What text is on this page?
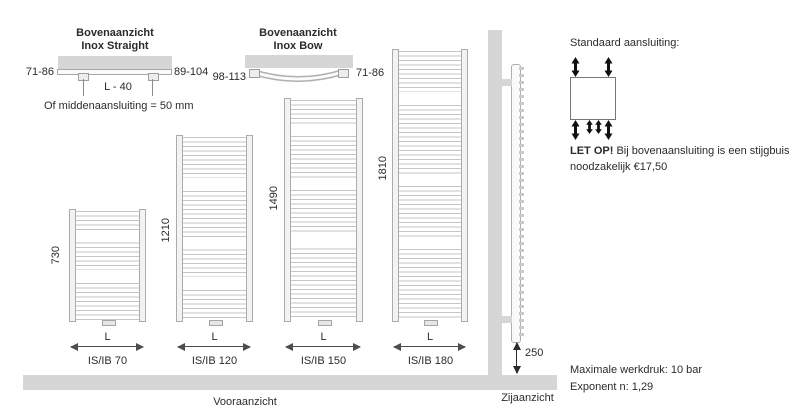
Bovenaanzicht
Inox Straight
71-86	89-104
L - 40
Of middenaansluiting = 50 mm
Bovenaanzicht
Inox Bow
98-113	71-86
730
L
IS/IB 70
1210
L
IS/IB 120
1490
L
IS/IB 150
1810
L
IS/IB 180
250
Vooraanzicht	Zijaanzicht
Standaard aansluiting:
LET OP! Bij bovenaansluiting is een stijgbuis
noodzakelijk €17,50
Maximale werkdruk: 10 bar
Exponent n: 1,29
